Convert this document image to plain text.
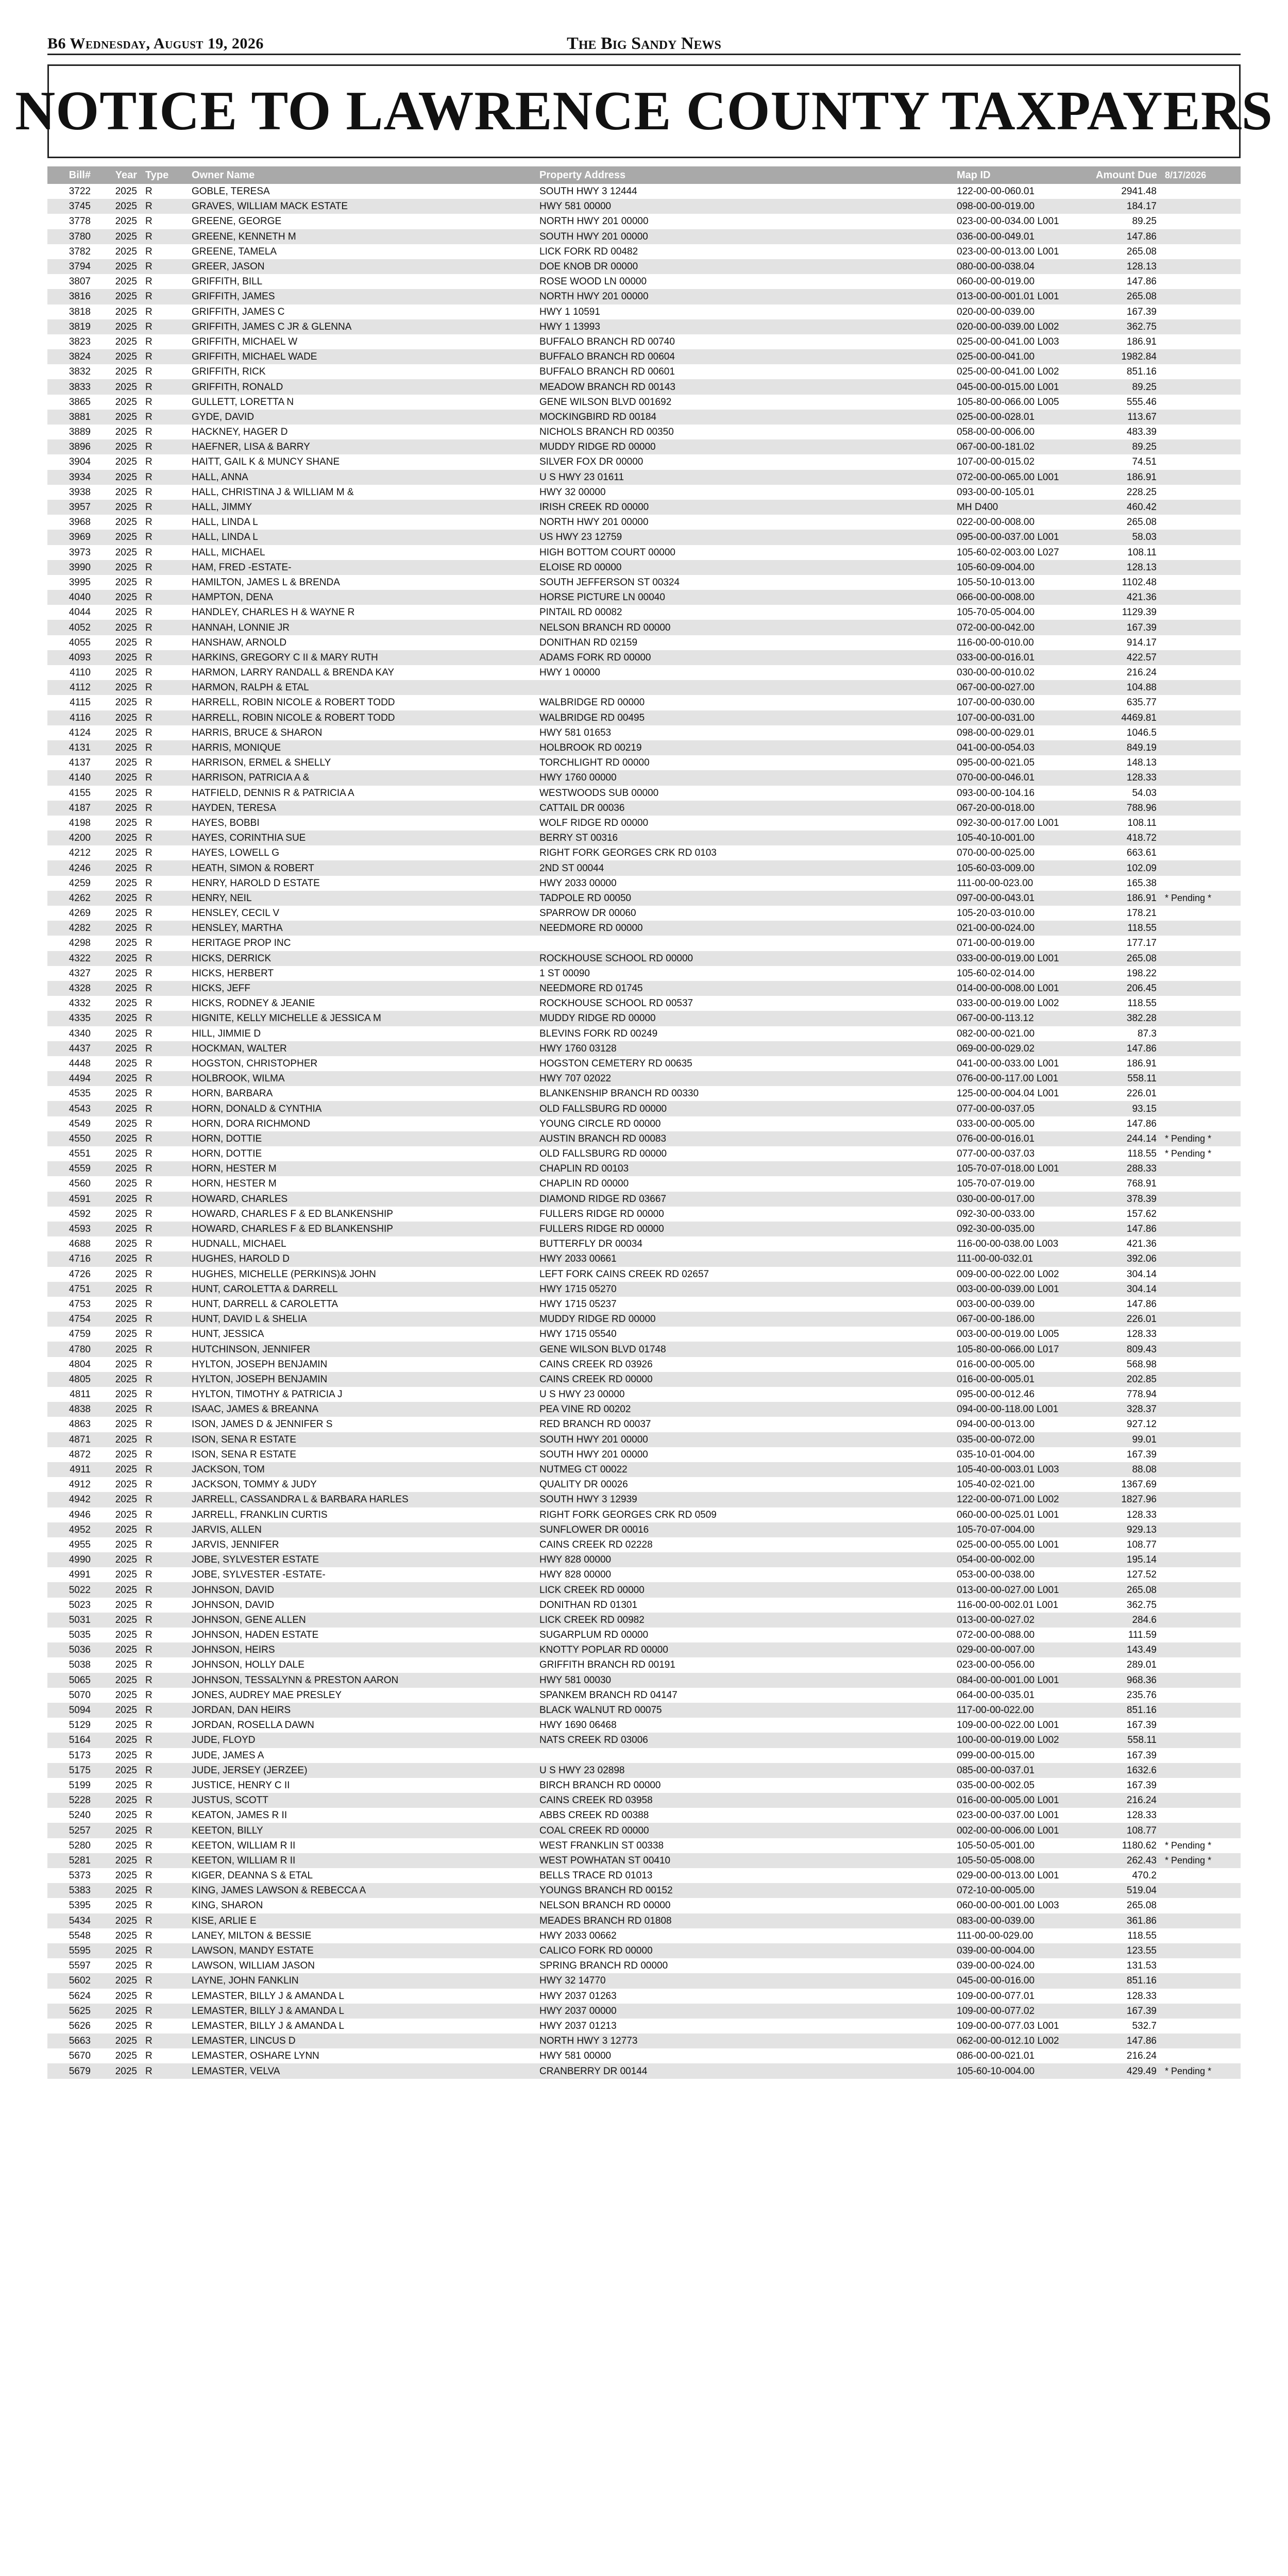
B6 Wednesday, August 19, 2026	The Big Sandy News
NOTICE TO LAWRENCE COUNTY TAXPAYERS
Bill#	Year	Type	Owner Name	Property Address	Map ID	Amount Due	8/17/2026
3722	2025	R	GOBLE, TERESA	SOUTH HWY 3 12444	122-00-00-060.01	2941.48	
3745	2025	R	GRAVES, WILLIAM MACK ESTATE	HWY 581 00000	098-00-00-019.00	184.17	
3778	2025	R	GREENE, GEORGE	NORTH HWY 201 00000	023-00-00-034.00 L001	89.25	
3780	2025	R	GREENE, KENNETH M	SOUTH HWY 201 00000	036-00-00-049.01	147.86	
3782	2025	R	GREENE, TAMELA	LICK FORK RD 00482	023-00-00-013.00 L001	265.08	
3794	2025	R	GREER, JASON	DOE KNOB DR 00000	080-00-00-038.04	128.13	
3807	2025	R	GRIFFITH, BILL	ROSE WOOD LN 00000	060-00-00-019.00	147.86	
3816	2025	R	GRIFFITH, JAMES	NORTH HWY 201 00000	013-00-00-001.01 L001	265.08	
3818	2025	R	GRIFFITH, JAMES C	HWY 1 10591	020-00-00-039.00	167.39	
3819	2025	R	GRIFFITH, JAMES C JR & GLENNA	HWY 1 13993	020-00-00-039.00 L002	362.75	
3823	2025	R	GRIFFITH, MICHAEL W	BUFFALO BRANCH RD 00740	025-00-00-041.00 L003	186.91	
3824	2025	R	GRIFFITH, MICHAEL WADE	BUFFALO BRANCH RD 00604	025-00-00-041.00	1982.84	
3832	2025	R	GRIFFITH, RICK	BUFFALO BRANCH RD 00601	025-00-00-041.00 L002	851.16	
3833	2025	R	GRIFFITH, RONALD	MEADOW BRANCH RD 00143	045-00-00-015.00 L001	89.25	
3865	2025	R	GULLETT, LORETTA N	GENE WILSON BLVD 001692	105-80-00-066.00 L005	555.46	
3881	2025	R	GYDE, DAVID	MOCKINGBIRD RD 00184	025-00-00-028.01	113.67	
3889	2025	R	HACKNEY, HAGER D	NICHOLS BRANCH RD 00350	058-00-00-006.00	483.39	
3896	2025	R	HAEFNER, LISA & BARRY	MUDDY RIDGE RD 00000	067-00-00-181.02	89.25	
3904	2025	R	HAITT, GAIL K & MUNCY SHANE	SILVER FOX DR 00000	107-00-00-015.02	74.51	
3934	2025	R	HALL, ANNA	U S HWY 23 01611	072-00-00-065.00 L001	186.91	
3938	2025	R	HALL, CHRISTINA J & WILLIAM M &	HWY 32 00000	093-00-00-105.01	228.25	
3957	2025	R	HALL, JIMMY	IRISH CREEK RD 00000	MH D400	460.42	
3968	2025	R	HALL, LINDA L	NORTH HWY 201 00000	022-00-00-008.00	265.08	
3969	2025	R	HALL, LINDA L	US HWY 23 12759	095-00-00-037.00 L001	58.03	
3973	2025	R	HALL, MICHAEL	HIGH BOTTOM COURT 00000	105-60-02-003.00 L027	108.11	
3990	2025	R	HAM, FRED -ESTATE-	ELOISE RD 00000	105-60-09-004.00	128.13	
3995	2025	R	HAMILTON, JAMES L & BRENDA	SOUTH JEFFERSON ST 00324	105-50-10-013.00	1102.48	
4040	2025	R	HAMPTON, DENA	HORSE PICTURE LN 00040	066-00-00-008.00	421.36	
4044	2025	R	HANDLEY, CHARLES H & WAYNE R	PINTAIL RD 00082	105-70-05-004.00	1129.39	
4052	2025	R	HANNAH, LONNIE JR	NELSON BRANCH RD 00000	072-00-00-042.00	167.39	
4055	2025	R	HANSHAW, ARNOLD	DONITHAN RD 02159	116-00-00-010.00	914.17	
4093	2025	R	HARKINS, GREGORY C II & MARY RUTH	ADAMS FORK RD 00000	033-00-00-016.01	422.57	
4110	2025	R	HARMON, LARRY RANDALL & BRENDA KAY	HWY 1 00000	030-00-00-010.02	216.24	
4112	2025	R	HARMON, RALPH & ETAL		067-00-00-027.00	104.88	
4115	2025	R	HARRELL, ROBIN NICOLE & ROBERT TODD	WALBRIDGE RD 00000	107-00-00-030.00	635.77	
4116	2025	R	HARRELL, ROBIN NICOLE & ROBERT TODD	WALBRIDGE RD 00495	107-00-00-031.00	4469.81	
4124	2025	R	HARRIS, BRUCE & SHARON	HWY 581 01653	098-00-00-029.01	1046.5	
4131	2025	R	HARRIS, MONIQUE	HOLBROOK RD 00219	041-00-00-054.03	849.19	
4137	2025	R	HARRISON, ERMEL & SHELLY	TORCHLIGHT RD 00000	095-00-00-021.05	148.13	
4140	2025	R	HARRISON, PATRICIA A &	HWY 1760 00000	070-00-00-046.01	128.33	
4155	2025	R	HATFIELD, DENNIS R & PATRICIA A	WESTWOODS SUB 00000	093-00-00-104.16	54.03	
4187	2025	R	HAYDEN, TERESA	CATTAIL DR 00036	067-20-00-018.00	788.96	
4198	2025	R	HAYES, BOBBI	WOLF RIDGE RD 00000	092-30-00-017.00 L001	108.11	
4200	2025	R	HAYES, CORINTHIA SUE	BERRY ST 00316	105-40-10-001.00	418.72	
4212	2025	R	HAYES, LOWELL G	RIGHT FORK GEORGES CRK RD 0103	070-00-00-025.00	663.61	
4246	2025	R	HEATH, SIMON & ROBERT	2ND ST 00044	105-60-03-009.00	102.09	
4259	2025	R	HENRY, HAROLD D ESTATE	HWY 2033 00000	111-00-00-023.00	165.38	
4262	2025	R	HENRY, NEIL	TADPOLE RD 00050	097-00-00-043.01	186.91	* Pending *
4269	2025	R	HENSLEY, CECIL V	SPARROW DR 00060	105-20-03-010.00	178.21	
4282	2025	R	HENSLEY, MARTHA	NEEDMORE RD 00000	021-00-00-024.00	118.55	
4298	2025	R	HERITAGE PROP INC		071-00-00-019.00	177.17	
4322	2025	R	HICKS, DERRICK	ROCKHOUSE SCHOOL RD 00000	033-00-00-019.00 L001	265.08	
4327	2025	R	HICKS, HERBERT	1 ST 00090	105-60-02-014.00	198.22	
4328	2025	R	HICKS, JEFF	NEEDMORE RD 01745	014-00-00-008.00 L001	206.45	
4332	2025	R	HICKS, RODNEY & JEANIE	ROCKHOUSE SCHOOL RD 00537	033-00-00-019.00 L002	118.55	
4335	2025	R	HIGNITE, KELLY MICHELLE & JESSICA M	MUDDY RIDGE RD 00000	067-00-00-113.12	382.28	
4340	2025	R	HILL, JIMMIE D	BLEVINS FORK RD 00249	082-00-00-021.00	87.3	
4437	2025	R	HOCKMAN, WALTER	HWY 1760 03128	069-00-00-029.02	147.86	
4448	2025	R	HOGSTON, CHRISTOPHER	HOGSTON CEMETERY RD 00635	041-00-00-033.00 L001	186.91	
4494	2025	R	HOLBROOK, WILMA	HWY 707 02022	076-00-00-117.00 L001	558.11	
4535	2025	R	HORN, BARBARA	BLANKENSHIP BRANCH RD 00330	125-00-00-004.04 L001	226.01	
4543	2025	R	HORN, DONALD & CYNTHIA	OLD FALLSBURG RD 00000	077-00-00-037.05	93.15	
4549	2025	R	HORN, DORA RICHMOND	YOUNG CIRCLE RD 00000	033-00-00-005.00	147.86	
4550	2025	R	HORN, DOTTIE	AUSTIN BRANCH RD 00083	076-00-00-016.01	244.14	* Pending *
4551	2025	R	HORN, DOTTIE	OLD FALLSBURG RD 00000	077-00-00-037.03	118.55	* Pending *
4559	2025	R	HORN, HESTER M	CHAPLIN RD 00103	105-70-07-018.00 L001	288.33	
4560	2025	R	HORN, HESTER M	CHAPLIN RD 00000	105-70-07-019.00	768.91	
4591	2025	R	HOWARD, CHARLES	DIAMOND RIDGE RD 03667	030-00-00-017.00	378.39	
4592	2025	R	HOWARD, CHARLES F & ED BLANKENSHIP	FULLERS RIDGE RD 00000	092-30-00-033.00	157.62	
4593	2025	R	HOWARD, CHARLES F & ED BLANKENSHIP	FULLERS RIDGE RD 00000	092-30-00-035.00	147.86	
4688	2025	R	HUDNALL, MICHAEL	BUTTERFLY DR 00034	116-00-00-038.00 L003	421.36	
4716	2025	R	HUGHES, HAROLD D	HWY 2033 00661	111-00-00-032.01	392.06	
4726	2025	R	HUGHES, MICHELLE (PERKINS)& JOHN	LEFT FORK CAINS CREEK RD 02657	009-00-00-022.00 L002	304.14	
4751	2025	R	HUNT, CAROLETTA & DARRELL	HWY 1715 05270	003-00-00-039.00 L001	304.14	
4753	2025	R	HUNT, DARRELL & CAROLETTA	HWY 1715 05237	003-00-00-039.00	147.86	
4754	2025	R	HUNT, DAVID L & SHELIA	MUDDY RIDGE RD 00000	067-00-00-186.00	226.01	
4759	2025	R	HUNT, JESSICA	HWY 1715 05540	003-00-00-019.00 L005	128.33	
4780	2025	R	HUTCHINSON, JENNIFER	GENE WILSON BLVD 01748	105-80-00-066.00 L017	809.43	
4804	2025	R	HYLTON, JOSEPH BENJAMIN	CAINS CREEK RD 03926	016-00-00-005.00	568.98	
4805	2025	R	HYLTON, JOSEPH BENJAMIN	CAINS CREEK RD 00000	016-00-00-005.01	202.85	
4811	2025	R	HYLTON, TIMOTHY & PATRICIA J	U S HWY 23 00000	095-00-00-012.46	778.94	
4838	2025	R	ISAAC, JAMES & BREANNA	PEA VINE RD 00202	094-00-00-118.00 L001	328.37	
4863	2025	R	ISON, JAMES D & JENNIFER S	RED BRANCH RD 00037	094-00-00-013.00	927.12	
4871	2025	R	ISON, SENA R ESTATE	SOUTH HWY 201 00000	035-00-00-072.00	99.01	
4872	2025	R	ISON, SENA R ESTATE	SOUTH HWY 201 00000	035-10-01-004.00	167.39	
4911	2025	R	JACKSON, TOM	NUTMEG CT 00022	105-40-00-003.01 L003	88.08	
4912	2025	R	JACKSON, TOMMY & JUDY	QUALITY DR 00026	105-40-02-021.00	1367.69	
4942	2025	R	JARRELL, CASSANDRA L & BARBARA HARLES	SOUTH HWY 3 12939	122-00-00-071.00 L002	1827.96	
4946	2025	R	JARRELL, FRANKLIN CURTIS	RIGHT FORK GEORGES CRK RD 0509	060-00-00-025.01 L001	128.33	
4952	2025	R	JARVIS, ALLEN	SUNFLOWER DR 00016	105-70-07-004.00	929.13	
4955	2025	R	JARVIS, JENNIFER	CAINS CREEK RD 02228	025-00-00-055.00 L001	108.77	
4990	2025	R	JOBE, SYLVESTER ESTATE	HWY 828 00000	054-00-00-002.00	195.14	
4991	2025	R	JOBE, SYLVESTER -ESTATE-	HWY 828 00000	053-00-00-038.00	127.52	
5022	2025	R	JOHNSON, DAVID	LICK CREEK RD 00000	013-00-00-027.00 L001	265.08	
5023	2025	R	JOHNSON, DAVID	DONITHAN RD 01301	116-00-00-002.01 L001	362.75	
5031	2025	R	JOHNSON, GENE ALLEN	LICK CREEK RD 00982	013-00-00-027.02	284.6	
5035	2025	R	JOHNSON, HADEN ESTATE	SUGARPLUM RD 00000	072-00-00-088.00	111.59	
5036	2025	R	JOHNSON, HEIRS	KNOTTY POPLAR RD 00000	029-00-00-007.00	143.49	
5038	2025	R	JOHNSON, HOLLY DALE	GRIFFITH BRANCH RD 00191	023-00-00-056.00	289.01	
5065	2025	R	JOHNSON, TESSALYNN & PRESTON AARON	HWY 581 00030	084-00-00-001.00 L001	968.36	
5070	2025	R	JONES, AUDREY MAE PRESLEY	SPANKEM BRANCH RD 04147	064-00-00-035.01	235.76	
5094	2025	R	JORDAN, DAN HEIRS	BLACK WALNUT RD 00075	117-00-00-022.00	851.16	
5129	2025	R	JORDAN, ROSELLA DAWN	HWY 1690 06468	109-00-00-022.00 L001	167.39	
5164	2025	R	JUDE, FLOYD	NATS CREEK RD 03006	100-00-00-019.00 L002	558.11	
5173	2025	R	JUDE, JAMES A		099-00-00-015.00	167.39	
5175	2025	R	JUDE, JERSEY (JERZEE)	U S HWY 23 02898	085-00-00-037.01	1632.6	
5199	2025	R	JUSTICE, HENRY C II	BIRCH BRANCH RD 00000	035-00-00-002.05	167.39	
5228	2025	R	JUSTUS, SCOTT	CAINS CREEK RD 03958	016-00-00-005.00 L001	216.24	
5240	2025	R	KEATON, JAMES R II	ABBS CREEK RD 00388	023-00-00-037.00 L001	128.33	
5257	2025	R	KEETON, BILLY	COAL CREEK RD 00000	002-00-00-006.00 L001	108.77	
5280	2025	R	KEETON, WILLIAM R II	WEST FRANKLIN ST 00338	105-50-05-001.00	1180.62	* Pending *
5281	2025	R	KEETON, WILLIAM R II	WEST POWHATAN ST 00410	105-50-05-008.00	262.43	* Pending *
5373	2025	R	KIGER, DEANNA S & ETAL	BELLS TRACE RD 01013	029-00-00-013.00 L001	470.2	
5383	2025	R	KING, JAMES LAWSON & REBECCA A	YOUNGS BRANCH RD 00152	072-10-00-005.00	519.04	
5395	2025	R	KING, SHARON	NELSON BRANCH RD 00000	060-00-00-001.00 L003	265.08	
5434	2025	R	KISE, ARLIE E	MEADES BRANCH RD 01808	083-00-00-039.00	361.86	
5548	2025	R	LANEY, MILTON & BESSIE	HWY 2033 00662	111-00-00-029.00	118.55	
5595	2025	R	LAWSON, MANDY ESTATE	CALICO FORK RD 00000	039-00-00-004.00	123.55	
5597	2025	R	LAWSON, WILLIAM JASON	SPRING BRANCH RD 00000	039-00-00-024.00	131.53	
5602	2025	R	LAYNE, JOHN FANKLIN	HWY 32 14770	045-00-00-016.00	851.16	
5624	2025	R	LEMASTER, BILLY J & AMANDA L	HWY 2037 01263	109-00-00-077.01	128.33	
5625	2025	R	LEMASTER, BILLY J & AMANDA L	HWY 2037 00000	109-00-00-077.02	167.39	
5626	2025	R	LEMASTER, BILLY J & AMANDA L	HWY 2037 01213	109-00-00-077.03 L001	532.7	
5663	2025	R	LEMASTER, LINCUS D	NORTH HWY 3 12773	062-00-00-012.10 L002	147.86	
5670	2025	R	LEMASTER, OSHARE LYNN	HWY 581 00000	086-00-00-021.01	216.24	
5679	2025	R	LEMASTER, VELVA	CRANBERRY DR 00144	105-60-10-004.00	429.49	* Pending *
